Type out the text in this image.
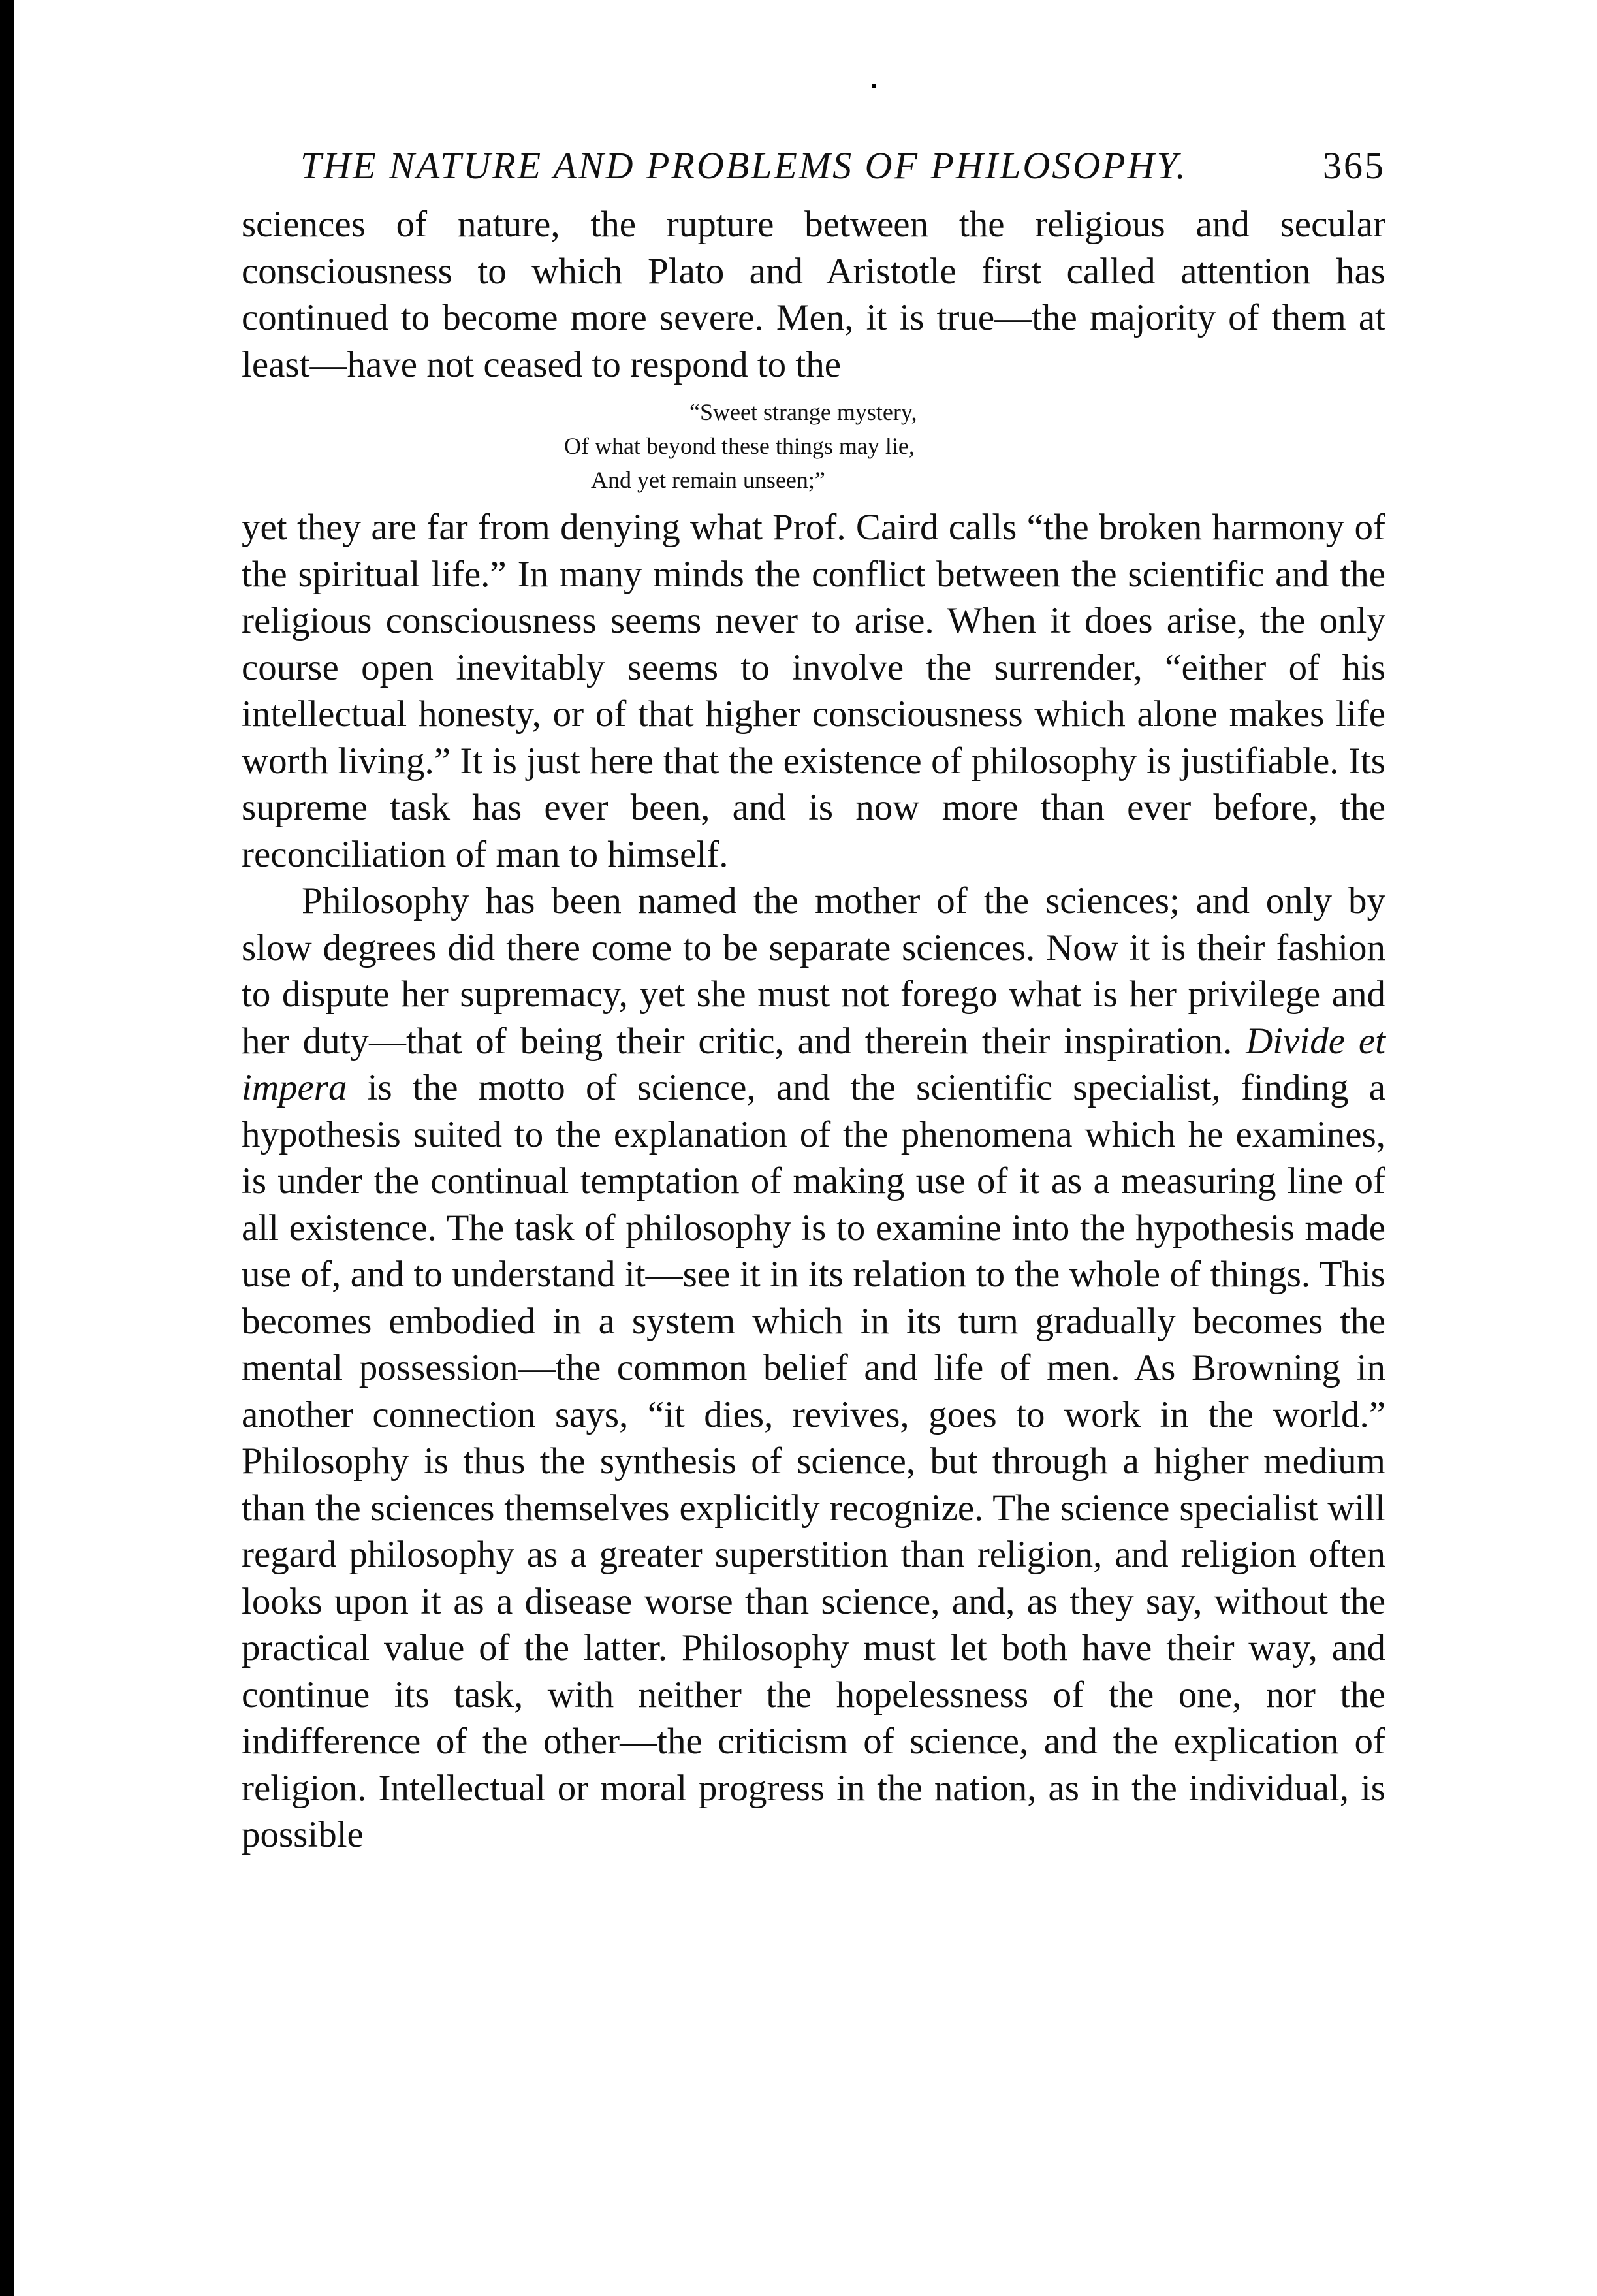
THE NATURE AND PROBLEMS OF PHILOSOPHY.	365

sciences of nature, the rupture between the religious and secular consciousness to which Plato and Aristotle first called attention has continued to become more severe. Men, it is true—the majority of them at least—have not ceased to respond to the

“Sweet strange mystery,
Of what beyond these things may lie,
And yet remain unseen;”

yet they are far from denying what Prof. Caird calls “the broken harmony of the spiritual life.” In many minds the conflict between the scientific and the religious consciousness seems never to arise. When it does arise, the only course open inevitably seems to involve the surrender, “either of his intellectual honesty, or of that higher consciousness which alone makes life worth living.” It is just here that the existence of philosophy is justifiable. Its supreme task has ever been, and is now more than ever before, the reconciliation of man to himself.

Philosophy has been named the mother of the sciences; and only by slow degrees did there come to be separate sciences. Now it is their fashion to dispute her supremacy, yet she must not forego what is her privilege and her duty—that of being their critic, and therein their inspiration. Divide et impera is the motto of science, and the scientific specialist, finding a hypothesis suited to the explanation of the phenomena which he examines, is under the continual temptation of making use of it as a measuring line of all existence. The task of philosophy is to examine into the hypothesis made use of, and to understand it—see it in its relation to the whole of things. This becomes embodied in a system which in its turn gradually becomes the mental possession—the common belief and life of men. As Browning in another connection says, “it dies, revives, goes to work in the world.” Philosophy is thus the synthesis of science, but through a higher medium than the sciences themselves explicitly recognize. The science specialist will regard philosophy as a greater superstition than religion, and religion often looks upon it as a disease worse than science, and, as they say, without the practical value of the latter. Philosophy must let both have their way, and continue its task, with neither the hopelessness of the one, nor the indifference of the other—the criticism of science, and the explication of religion. Intellectual or moral progress in the nation, as in the individual, is possible
